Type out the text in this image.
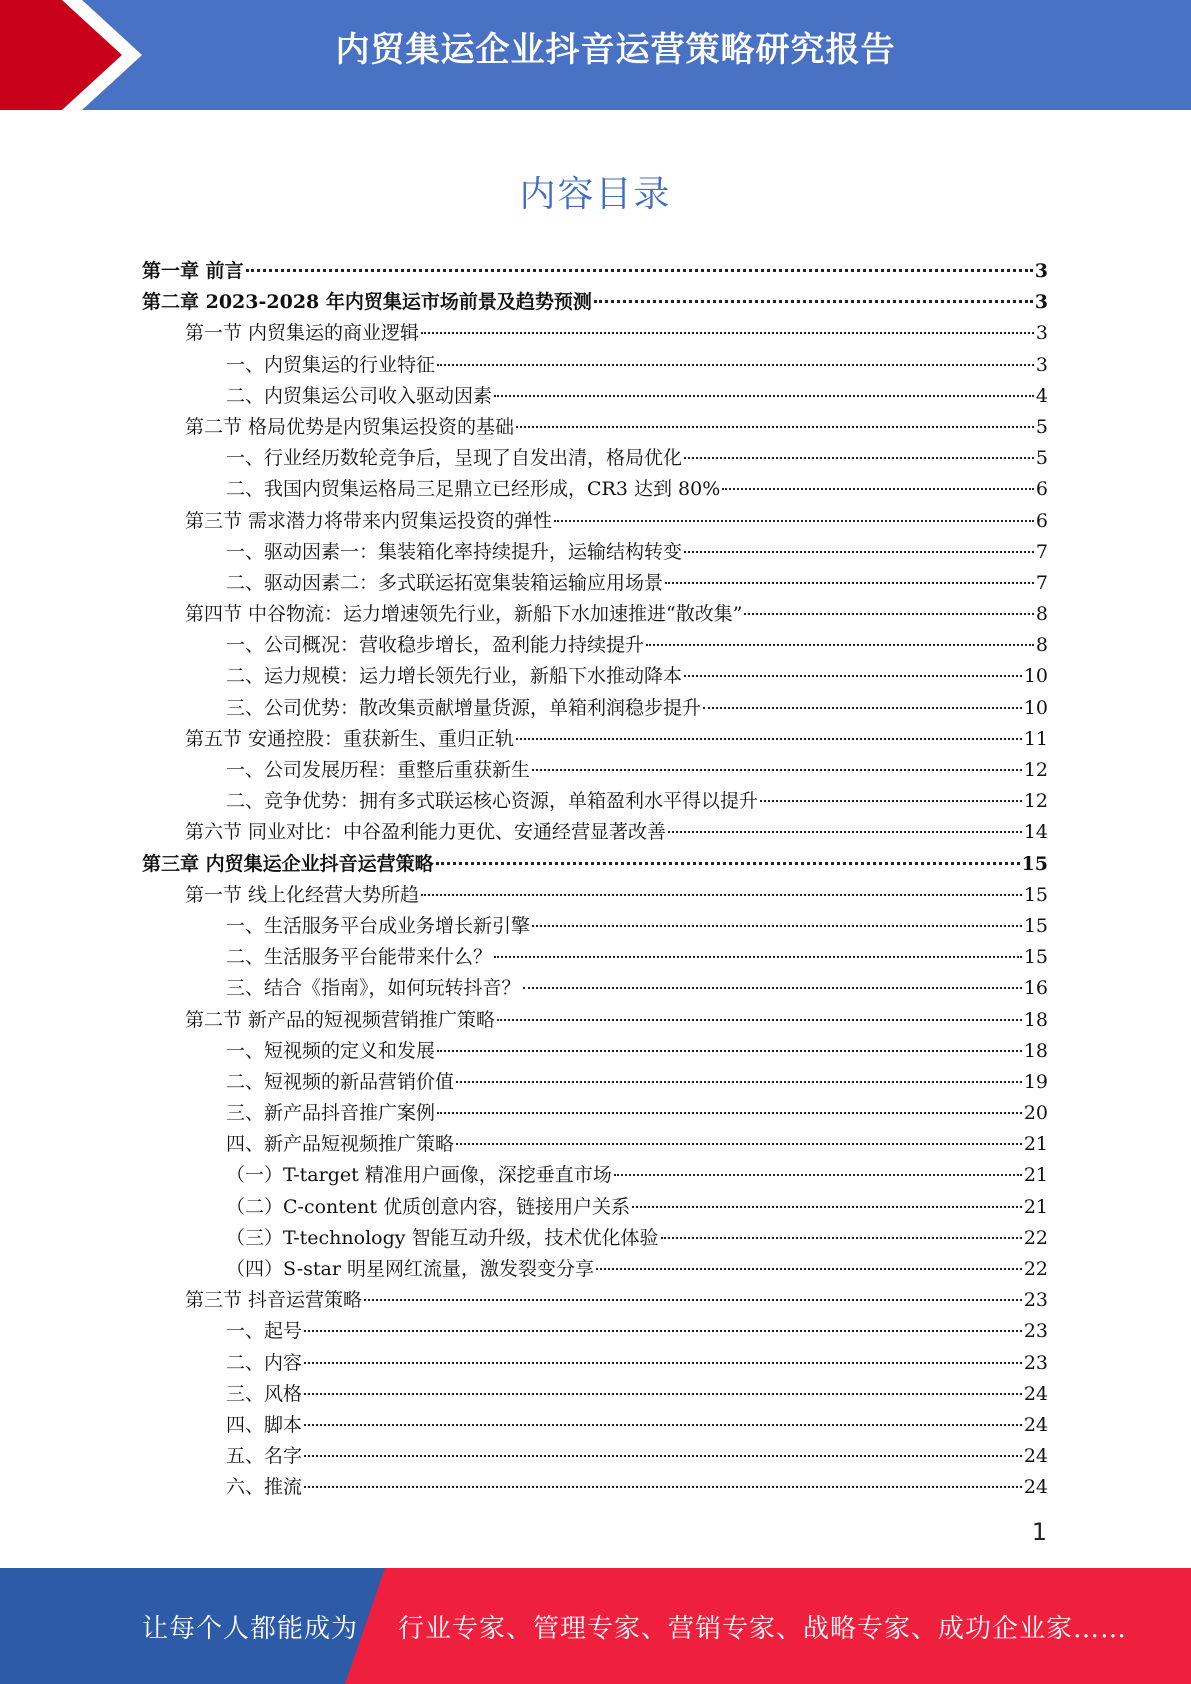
内贸集运企业抖音运营策略研究报告
内容目录
第一章 前言	3
第二章 2023-2028 年内贸集运市场前景及趋势预测	3
第一节 内贸集运的商业逻辑	3
一、内贸集运的行业特征	3
二、内贸集运公司收入驱动因素	4
第二节 格局优势是内贸集运投资的基础	5
一、行业经历数轮竞争后，呈现了自发出清，格局优化	5
二、我国内贸集运格局三足鼎立已经形成，CR3 达到 80%	6
第三节 需求潜力将带来内贸集运投资的弹性	6
一、驱动因素一：集装箱化率持续提升，运输结构转变	7
二、驱动因素二：多式联运拓宽集装箱运输应用场景	7
第四节 中谷物流：运力增速领先行业，新船下水加速推进“散改集”	8
一、公司概况：营收稳步增长，盈利能力持续提升	8
二、运力规模：运力增长领先行业，新船下水推动降本	10
三、公司优势：散改集贡献增量货源，单箱利润稳步提升	10
第五节 安通控股：重获新生、重归正轨	11
一、公司发展历程：重整后重获新生	12
二、竞争优势：拥有多式联运核心资源，单箱盈利水平得以提升	12
第六节 同业对比：中谷盈利能力更优、安通经营显著改善	14
第三章 内贸集运企业抖音运营策略	15
第一节 线上化经营大势所趋	15
一、生活服务平台成业务增长新引擎	15
二、生活服务平台能带来什么？	15
三、结合《指南》，如何玩转抖音？	16
第二节 新产品的短视频营销推广策略	18
一、短视频的定义和发展	18
二、短视频的新品营销价值	19
三、新产品抖音推广案例	20
四、新产品短视频推广策略	21
（一）T-target 精准用户画像，深挖垂直市场	21
（二）C-content 优质创意内容，链接用户关系	21
（三）T-technology 智能互动升级，技术优化体验	22
（四）S-star 明星网红流量，激发裂变分享	22
第三节 抖音运营策略	23
一、起号	23
二、内容	23
三、风格	24
四、脚本	24
五、名字	24
六、推流	24
1
让每个人都能成为 行业专家、管理专家、营销专家、战略专家、成功企业家……
